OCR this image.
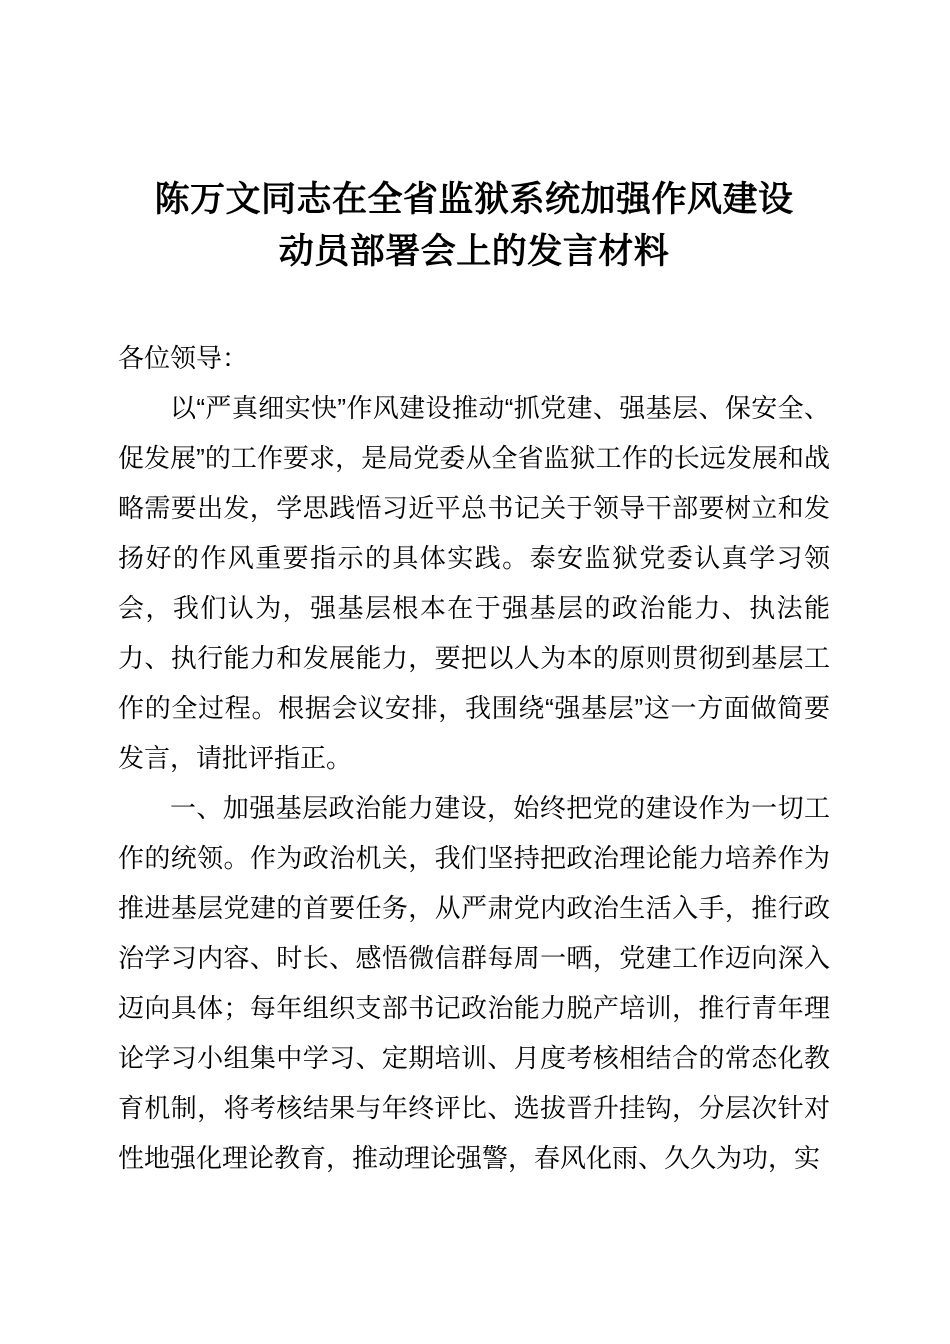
陈万文同志在全省监狱系统加强作风建设
动员部署会上的发言材料

各位领导：

以“严真细实快”作风建设推动“抓党建、强基层、保安全、促发展”的工作要求，是局党委从全省监狱工作的长远发展和战略需要出发，学思践悟习近平总书记关于领导干部要树立和发扬好的作风重要指示的具体实践。泰安监狱党委认真学习领会，我们认为，强基层根本在于强基层的政治能力、执法能力、执行能力和发展能力，要把以人为本的原则贯彻到基层工作的全过程。根据会议安排，我围绕“强基层”这一方面做简要发言，请批评指正。

一、加强基层政治能力建设，始终把党的建设作为一切工作的统领。作为政治机关，我们坚持把政治理论能力培养作为推进基层党建的首要任务，从严肃党内政治生活入手，推行政治学习内容、时长、感悟微信群每周一晒，党建工作迈向深入迈向具体；每年组织支部书记政治能力脱产培训，推行青年理论学习小组集中学习、定期培训、月度考核相结合的常态化教育机制，将考核结果与年终评比、选拔晋升挂钩，分层次针对性地强化理论教育，推动理论强警，春风化雨、久久为功，实
